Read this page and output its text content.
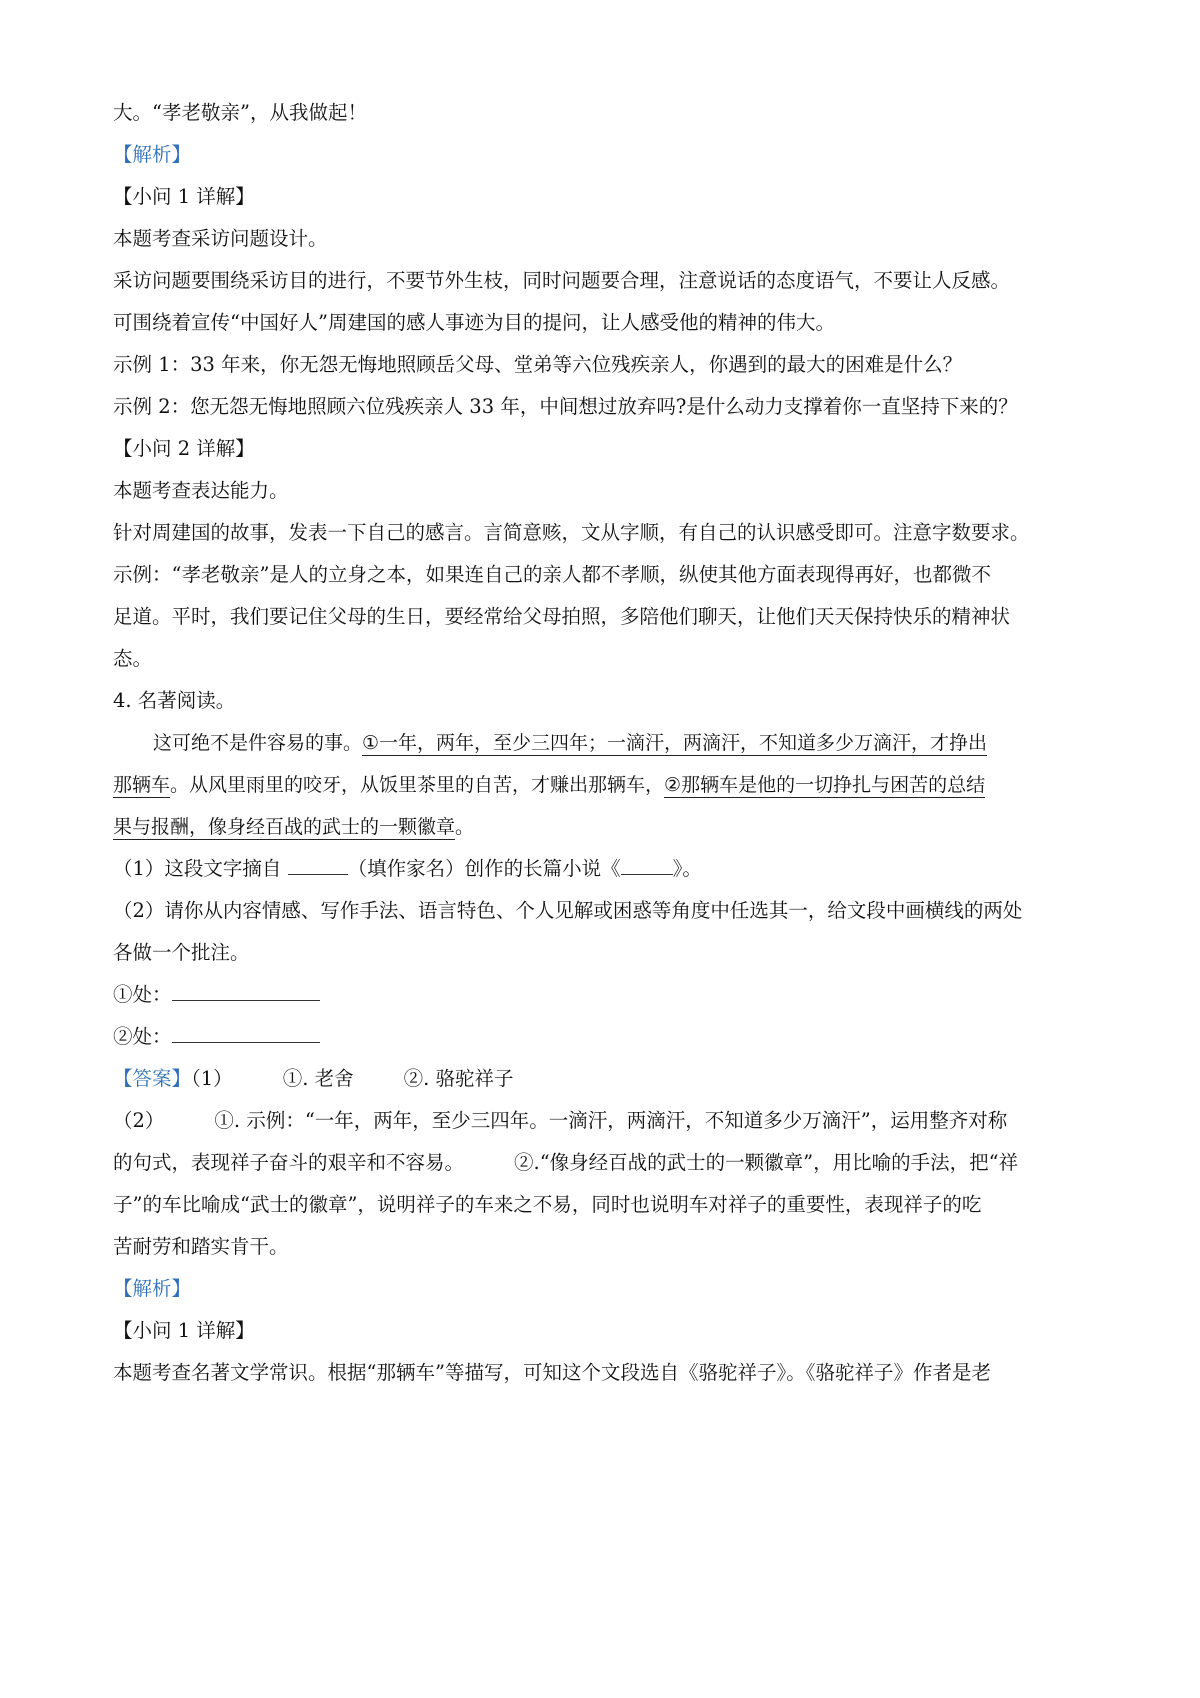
大。“孝老敬亲”，从我做起！
【解析】
【小问 1 详解】
本题考查采访问题设计。
采访问题要围绕采访目的进行，不要节外生枝，同时问题要合理，注意说话的态度语气，不要让人反感。
可围绕着宣传“中国好人”周建国的感人事迹为目的提问，让人感受他的精神的伟大。
示例 1：33 年来，你无怨无悔地照顾岳父母、堂弟等六位残疾亲人，你遇到的最大的困难是什么？
示例 2：您无怨无悔地照顾六位残疾亲人 33 年，中间想过放弃吗?是什么动力支撑着你一直坚持下来的？
【小问 2 详解】
本题考查表达能力。
针对周建国的故事，发表一下自己的感言。言简意赅，文从字顺，有自己的认识感受即可。注意字数要求。
示例：“孝老敬亲”是人的立身之本，如果连自己的亲人都不孝顺，纵使其他方面表现得再好，也都微不
足道。平时，我们要记住父母的生日，要经常给父母拍照，多陪他们聊天，让他们天天保持快乐的精神状
态。
4. 名著阅读。
这可绝不是件容易的事。①一年，两年，至少三四年；一滴汗，两滴汗，不知道多少万滴汗，才挣出
那辆车。从风里雨里的咬牙，从饭里茶里的自苦，才赚出那辆车，②那辆车是他的一切挣扎与困苦的总结
果与报酬，像身经百战的武士的一颗徽章。
（1）这段文字摘自	（填作家名）创作的长篇小说《	》。
（2）请你从内容情感、写作手法、语言特色、个人见解或困惑等角度中任选其一，给文段中画横线的两处
各做一个批注。
①处：
②处：
【答案】（1）	①. 老舍	②. 骆驼祥子
（2）	①. 示例：“一年，两年，至少三四年。一滴汗，两滴汗，不知道多少万滴汗”，运用整齐对称
的句式，表现祥子奋斗的艰辛和不容易。	②.“像身经百战的武士的一颗徽章”，用比喻的手法，把“祥
子”的车比喻成“武士的徽章”，说明祥子的车来之不易，同时也说明车对祥子的重要性，表现祥子的吃
苦耐劳和踏实肯干。
【解析】
【小问 1 详解】
本题考查名著文学常识。根据“那辆车”等描写，可知这个文段选自《骆驼祥子》。《骆驼祥子》作者是老
